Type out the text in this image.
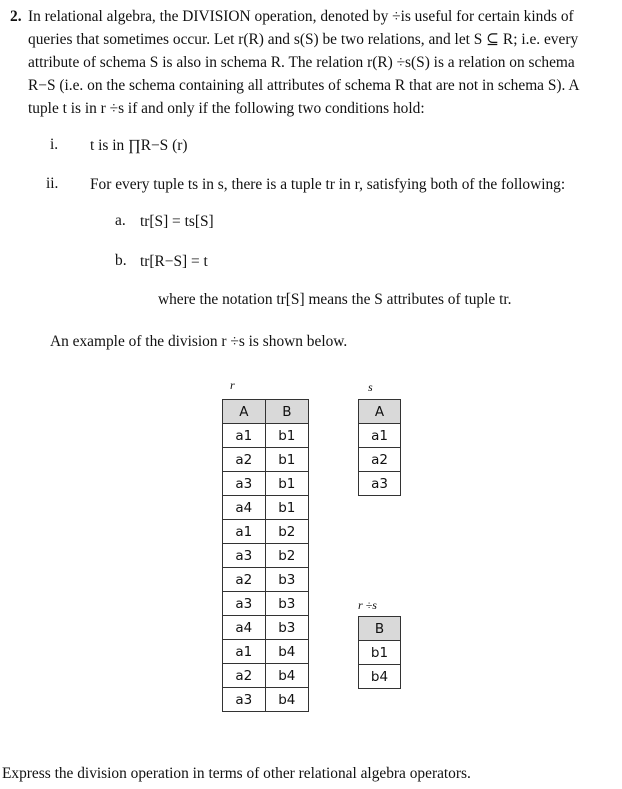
2. In relational algebra, the DIVISION operation, denoted by ÷is useful for certain kinds of

queries that sometimes occur. Let r(R) and s(S) be two relations, and let S ⊆ R; i.e. every

attribute of schema S is also in schema R. The relation r(R) ÷s(S) is a relation on schema

R−S (i.e. on the schema containing all attributes of schema R that are not in schema S). A

tuple t is in r ÷s if and only if the following two conditions hold:

i. t is in ∏R−S (r)
ii. For every tuple ts in s, there is a tuple tr in r, satisfying both of the following:
a. tr[S] = ts[S]
b. tr[R−S] = t
where the notation tr[S] means the S attributes of tuple tr.
An example of the division r ÷s is shown below.
r	s
r ÷s
A	B
a1	b1
a2	b1
a3	b1
a4	b1
a1	b2
a3	b2
a2	b3
a3	b3
a4	b3
a1	b4
a2	b4
a3	b4
A
a1
a2
a3
B
b1
b4
Express the division operation in terms of other relational algebra operators.
